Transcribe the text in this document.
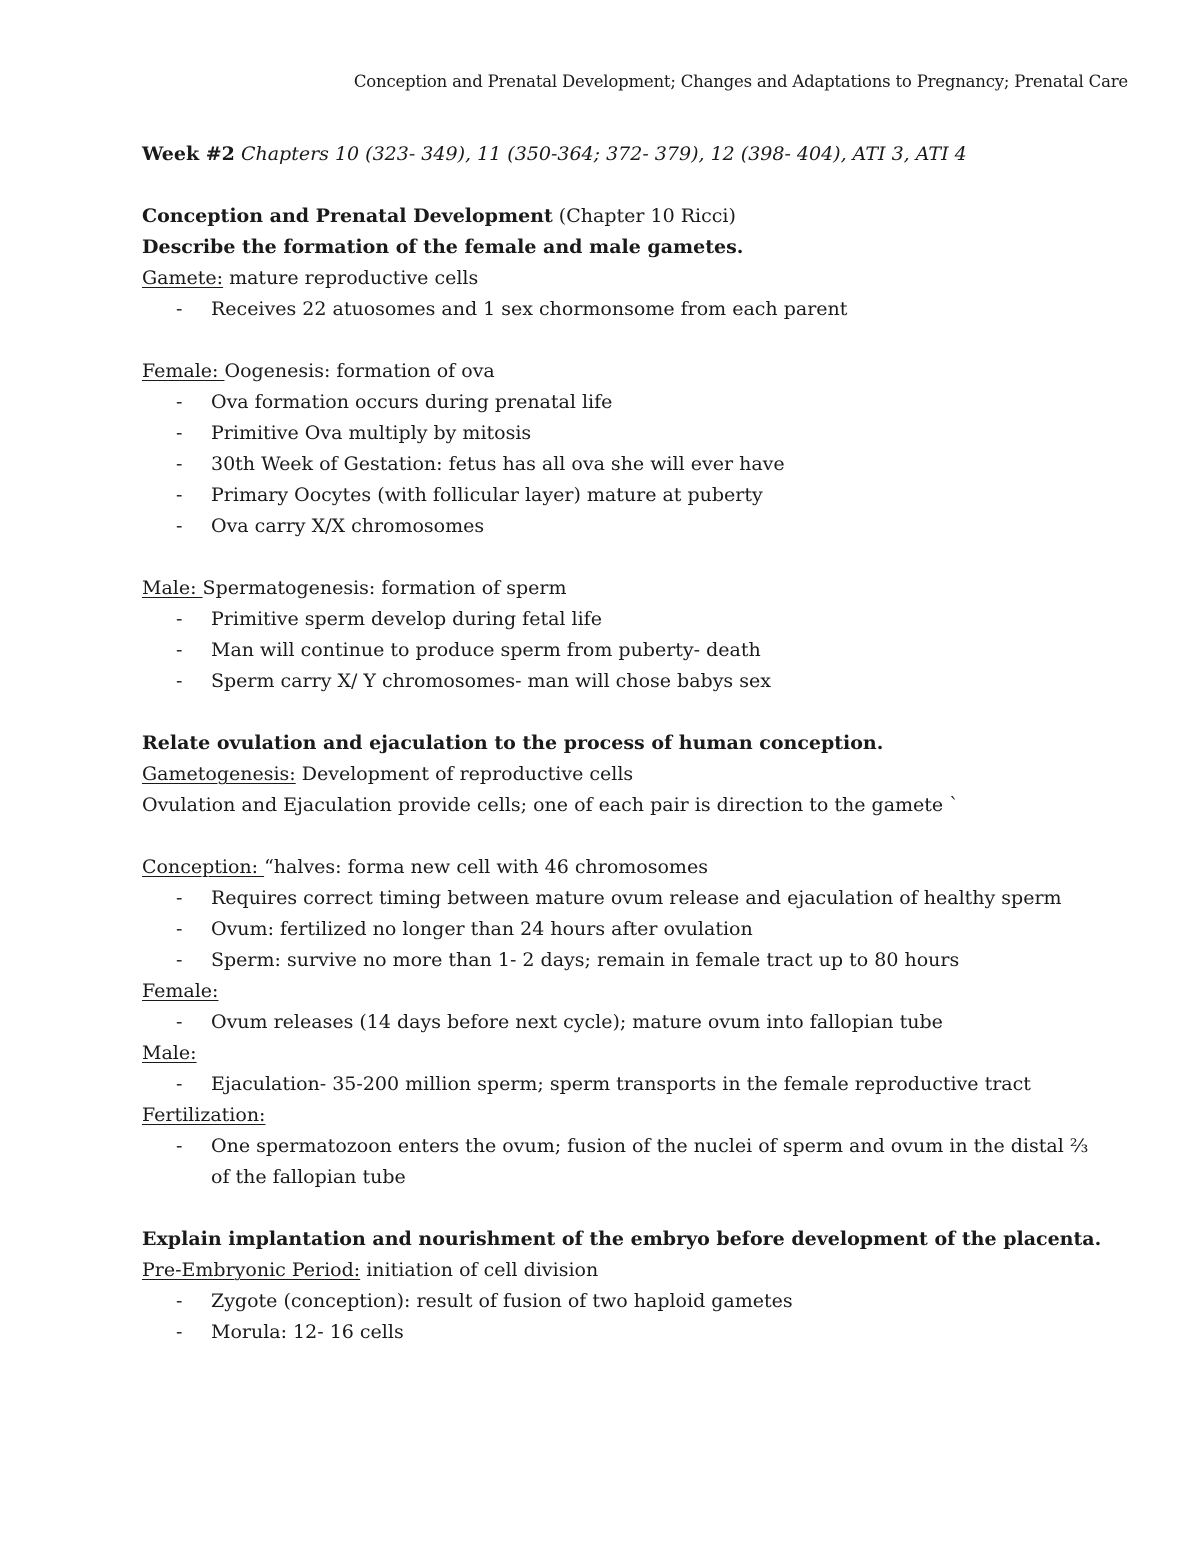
Conception and Prenatal Development; Changes and Adaptations to Pregnancy; Prenatal Care
Week #2 Chapters 10 (323- 349), 11 (350-364; 372- 379), 12 (398- 404), ATI 3, ATI 4
Conception and Prenatal Development (Chapter 10 Ricci)
Describe the formation of the female and male gametes.
Gamete: mature reproductive cells
- Receives 22 atuosomes and 1 sex chormonsome from each parent
Female: Oogenesis: formation of ova
- Ova formation occurs during prenatal life
- Primitive Ova multiply by mitosis
- 30th Week of Gestation: fetus has all ova she will ever have
- Primary Oocytes (with follicular layer) mature at puberty
- Ova carry X/X chromosomes
Male: Spermatogenesis: formation of sperm
- Primitive sperm develop during fetal life
- Man will continue to produce sperm from puberty- death
- Sperm carry X/ Y chromosomes- man will chose babys sex
Relate ovulation and ejaculation to the process of human conception.
Gametogenesis: Development of reproductive cells
Ovulation and Ejaculation provide cells; one of each pair is direction to the gamete `
Conception: “halves: forma new cell with 46 chromosomes
- Requires correct timing between mature ovum release and ejaculation of healthy sperm
- Ovum: fertilized no longer than 24 hours after ovulation
- Sperm: survive no more than 1- 2 days; remain in female tract up to 80 hours
Female:
- Ovum releases (14 days before next cycle); mature ovum into fallopian tube
Male:
- Ejaculation- 35-200 million sperm; sperm transports in the female reproductive tract
Fertilization:
- One spermatozoon enters the ovum; fusion of the nuclei of sperm and ovum in the distal ⅔ of the fallopian tube
Explain implantation and nourishment of the embryo before development of the placenta.
Pre-Embryonic Period: initiation of cell division
- Zygote (conception): result of fusion of two haploid gametes
- Morula: 12- 16 cells
